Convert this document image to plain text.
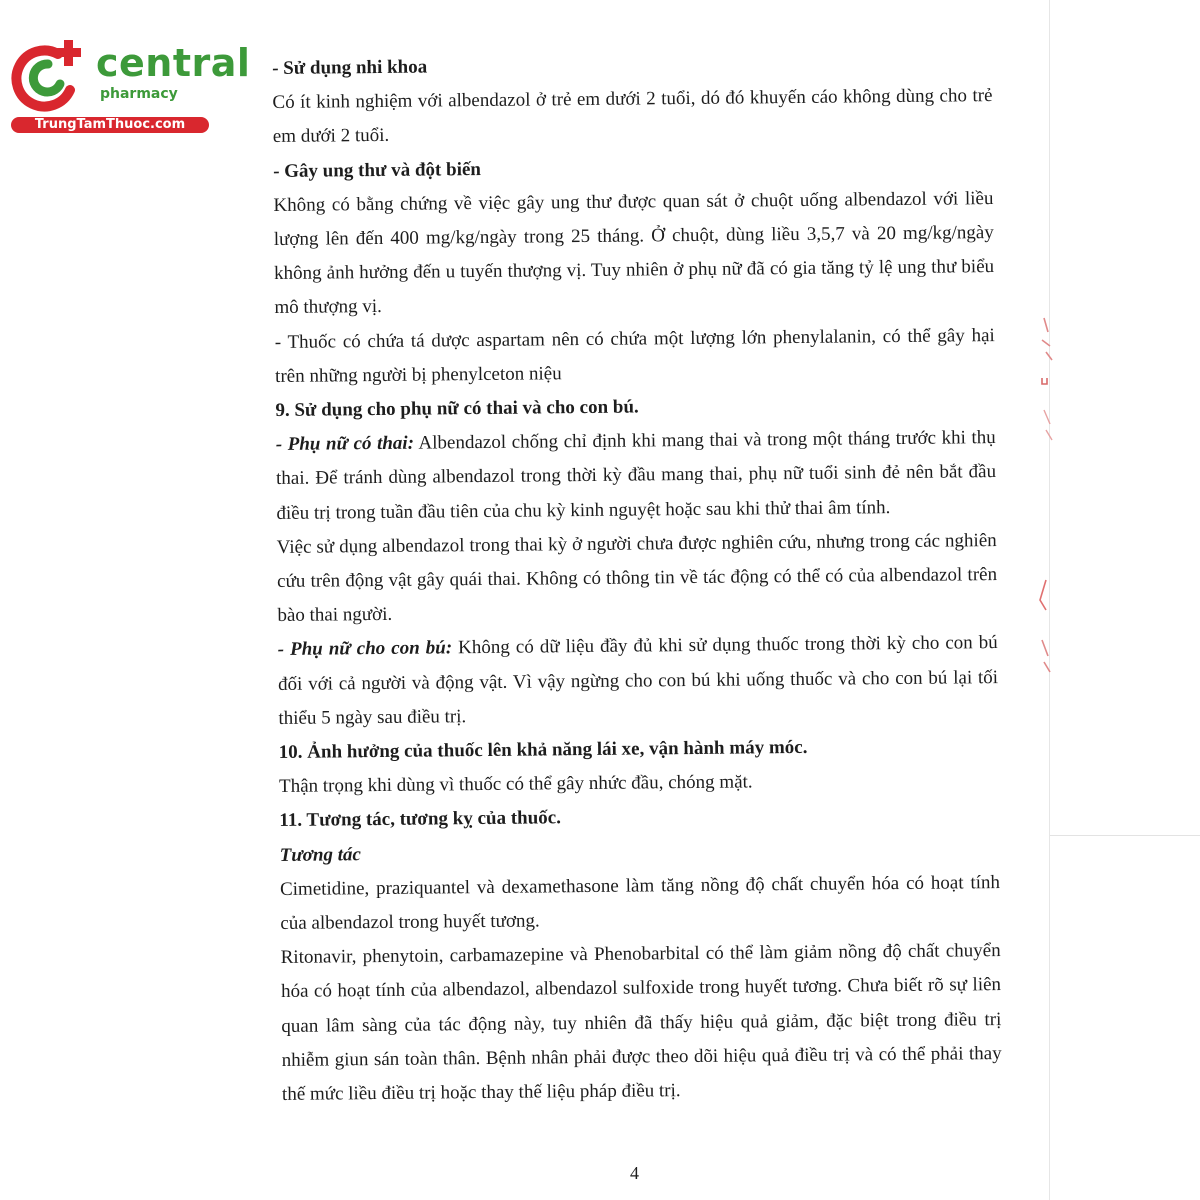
central
pharmacy
TrungTamThuoc.com

- Sử dụng nhi khoa

Có ít kinh nghiệm với albendazol ở trẻ em dưới 2 tuổi, dó đó khuyến cáo không dùng cho trẻ em dưới 2 tuổi.

- Gây ung thư và đột biến

Không có bằng chứng về việc gây ung thư được quan sát ở chuột uống albendazol với liều lượng lên đến 400 mg/kg/ngày trong 25 tháng. Ở chuột, dùng liều 3,5,7 và 20 mg/kg/ngày không ảnh hưởng đến u tuyến thượng vị. Tuy nhiên ở phụ nữ đã có gia tăng tỷ lệ ung thư biểu mô thượng vị.

- Thuốc có chứa tá dược aspartam nên có chứa một lượng lớn phenylalanin, có thể gây hại trên những người bị phenylceton niệu

9. Sử dụng cho phụ nữ có thai và cho con bú.

- Phụ nữ có thai: Albendazol chống chỉ định khi mang thai và trong một tháng trước khi thụ thai. Để tránh dùng albendazol trong thời kỳ đầu mang thai, phụ nữ tuổi sinh đẻ nên bắt đầu điều trị trong tuần đầu tiên của chu kỳ kinh nguyệt hoặc sau khi thử thai âm tính.

Việc sử dụng albendazol trong thai kỳ ở người chưa được nghiên cứu, nhưng trong các nghiên cứu trên động vật gây quái thai. Không có thông tin về tác động có thể có của albendazol trên bào thai người.

- Phụ nữ cho con bú: Không có dữ liệu đầy đủ khi sử dụng thuốc trong thời kỳ cho con bú đối với cả người và động vật. Vì vậy ngừng cho con bú khi uống thuốc và cho con bú lại tối thiểu 5 ngày sau điều trị.

10. Ảnh hưởng của thuốc lên khả năng lái xe, vận hành máy móc.

Thận trọng khi dùng vì thuốc có thể gây nhức đầu, chóng mặt.

11. Tương tác, tương kỵ của thuốc.

Tương tác

Cimetidine, praziquantel và dexamethasone làm tăng nồng độ chất chuyển hóa có hoạt tính của albendazol trong huyết tương.

Ritonavir, phenytoin, carbamazepine và Phenobarbital có thể làm giảm nồng độ chất chuyển hóa có hoạt tính của albendazol, albendazol sulfoxide trong huyết tương. Chưa biết rõ sự liên quan lâm sàng của tác động này, tuy nhiên đã thấy hiệu quả giảm, đặc biệt trong điều trị nhiễm giun sán toàn thân. Bệnh nhân phải được theo dõi hiệu quả điều trị và có thể phải thay thế mức liều điều trị hoặc thay thế liệu pháp điều trị.

4
